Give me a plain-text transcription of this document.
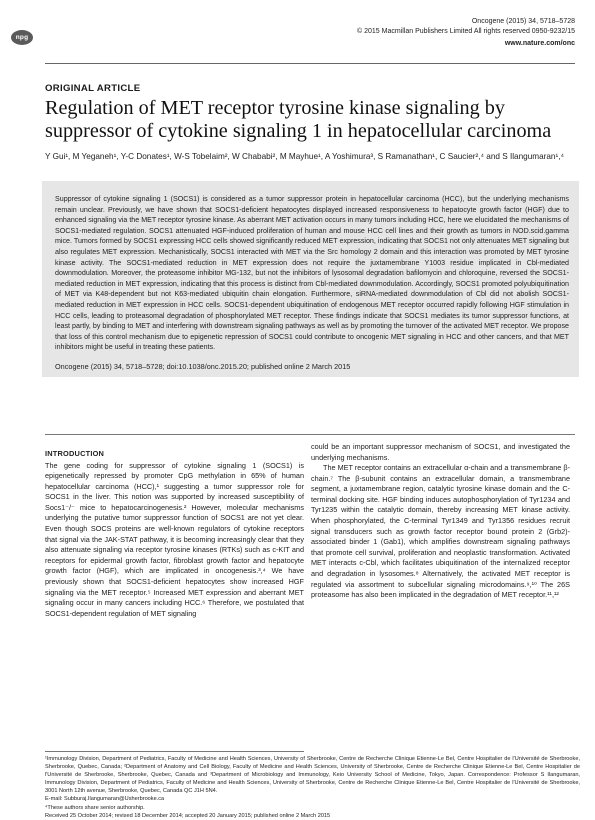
npg
Oncogene (2015) 34, 5718–5728
© 2015 Macmillan Publishers Limited All rights reserved 0950-9232/15
www.nature.com/onc
ORIGINAL ARTICLE
Regulation of MET receptor tyrosine kinase signaling by suppressor of cytokine signaling 1 in hepatocellular carcinoma
Y Gui¹, M Yeganeh¹, Y-C Donates¹, W-S Tobelaim², W Chababi², M Mayhue¹, A Yoshimura³, S Ramanathan¹, C Saucier²,⁴ and S Ilangumaran¹,⁴

Suppressor of cytokine signaling 1 (SOCS1) is considered as a tumor suppressor protein in hepatocellular carcinoma (HCC), but the underlying mechanisms remain unclear. Previously, we have shown that SOCS1-deficient hepatocytes displayed increased responsiveness to hepatocyte growth factor (HGF) due to enhanced signaling via the MET receptor tyrosine kinase. As aberrant MET activation occurs in many tumors including HCC, here we elucidated the mechanisms of SOCS1-mediated regulation. SOCS1 attenuated HGF-induced proliferation of human and mouse HCC cell lines and their growth as tumors in NOD.scid.gamma mice. Tumors formed by SOCS1 expressing HCC cells showed significantly reduced MET expression, indicating that SOCS1 not only attenuates MET signaling but also regulates MET expression. Mechanistically, SOCS1 interacted with MET via the Src homology 2 domain and this interaction was promoted by MET tyrosine kinase activity. The SOCS1-mediated reduction in MET expression does not require the juxtamembrane Y1003 residue implicated in Cbl-mediated downmodulation. Moreover, the proteasome inhibitor MG-132, but not the inhibitors of lysosomal degradation bafilomycin and chloroquine, reversed the SOCS1-mediated reduction in MET expression, indicating that this process is distinct from Cbl-mediated downmodulation. Accordingly, SOCS1 promoted polyubiquitination of MET via K48-dependent but not K63-mediated ubiquitin chain elongation. Furthermore, siRNA-mediated downmodulation of Cbl did not abolish SOCS1-mediated reduction in MET expression in HCC cells. SOCS1-dependent ubiquitination of endogenous MET receptor occurred rapidly following HGF stimulation in HCC cells, leading to proteasomal degradation of phosphorylated MET receptor. These findings indicate that SOCS1 mediates its tumor suppressor functions, at least partly, by binding to MET and interfering with downstream signaling pathways as well as by promoting the turnover of the activated MET receptor. We propose that loss of this control mechanism due to epigenetic repression of SOCS1 could contribute to oncogenic MET signaling in HCC and other cancers, and that MET inhibitors might be useful in treating these patients.

Oncogene (2015) 34, 5718–5728; doi:10.1038/onc.2015.20; published online 2 March 2015

INTRODUCTION

The gene coding for suppressor of cytokine signaling 1 (SOCS1) is epigenetically repressed by promoter CpG methylation in 65% of human hepatocellular carcinoma (HCC),¹ suggesting a tumor suppressor role for SOCS1 in the liver. This notion was supported by increased susceptibility of Socs1⁻/⁻ mice to hepatocarcinogenesis.² However, molecular mechanisms underlying the putative tumor suppressor function of SOCS1 are not yet clear. Even though SOCS proteins are well-known regulators of cytokine receptors that signal via the JAK-STAT pathway, it is becoming increasingly clear that they also attenuate signaling via receptor tyrosine kinases (RTKs) such as c-KIT and receptors for epidermal growth factor, fibroblast growth factor and hepatocyte growth factor (HGF), which are implicated in oncogenesis.³,⁴ We have previously shown that SOCS1-deficient hepatocytes show increased HGF signaling via the MET receptor.⁵ Increased MET expression and aberrant MET signaling occur in many cancers including HCC.⁶ Therefore, we postulated that SOCS1-dependent regulation of MET signaling

could be an important suppressor mechanism of SOCS1, and investigated the underlying mechanisms.

The MET receptor contains an extracellular α-chain and a transmembrane β-chain.⁷ The β-subunit contains an extracellular domain, a transmembrane segment, a juxtamembrane region, catalytic tyrosine kinase domain and the C-terminal docking site. HGF binding induces autophosphorylation of Tyr1234 and Tyr1235 within the catalytic domain, thereby increasing MET kinase activity. When phosphorylated, the C-terminal Tyr1349 and Tyr1356 residues recruit signal transducers such as growth factor receptor bound protein 2 (Grb2)-associated binder 1 (Gab1), which amplifies downstream signaling pathways that promote cell survival, proliferation and neoplastic transformation. Activated MET interacts c-Cbl, which facilitates ubiquitination of the internalized receptor and degradation in lysosomes.⁸ Alternatively, the activated MET receptor is regulated via assortment to subcellular signaling microdomains.⁹,¹⁰ The 26S proteasome has also been implicated in the degradation of MET receptor.¹¹,¹²

¹Immunology Division, Department of Pediatrics, Faculty of Medicine and Health Sciences, University of Sherbrooke, Centre de Recherche Clinique Etienne-Le Bel, Centre Hospitalier de l'Université de Sherbrooke, Sherbrooke, Quebec, Canada; ²Department of Anatomy and Cell Biology, Faculty of Medicine and Health Sciences, University of Sherbrooke, Centre de Recherche Clinique Etienne-Le Bel, Centre Hospitalier de l'Université de Sherbrooke, Sherbrooke, Quebec, Canada and ³Department of Microbiology and Immunology, Keio University School of Medicine, Tokyo, Japan. Correspondence: Professor S Ilangumaran, Immunology Division, Department of Pediatrics, Faculty of Medicine and Health Sciences, University of Sherbrooke, Centre de Recherche Clinique Etienne-Le Bel, Centre Hospitalier de l'Université de Sherbrooke, 3001 North 12th avenue, Sherbrooke, Quebec, Canada QC J1H 5N4.

E-mail: Subburaj.Ilangumaran@Usherbrooke.ca

⁴These authors share senior authorship.

Received 25 October 2014; revised 18 December 2014; accepted 20 January 2015; published online 2 March 2015
